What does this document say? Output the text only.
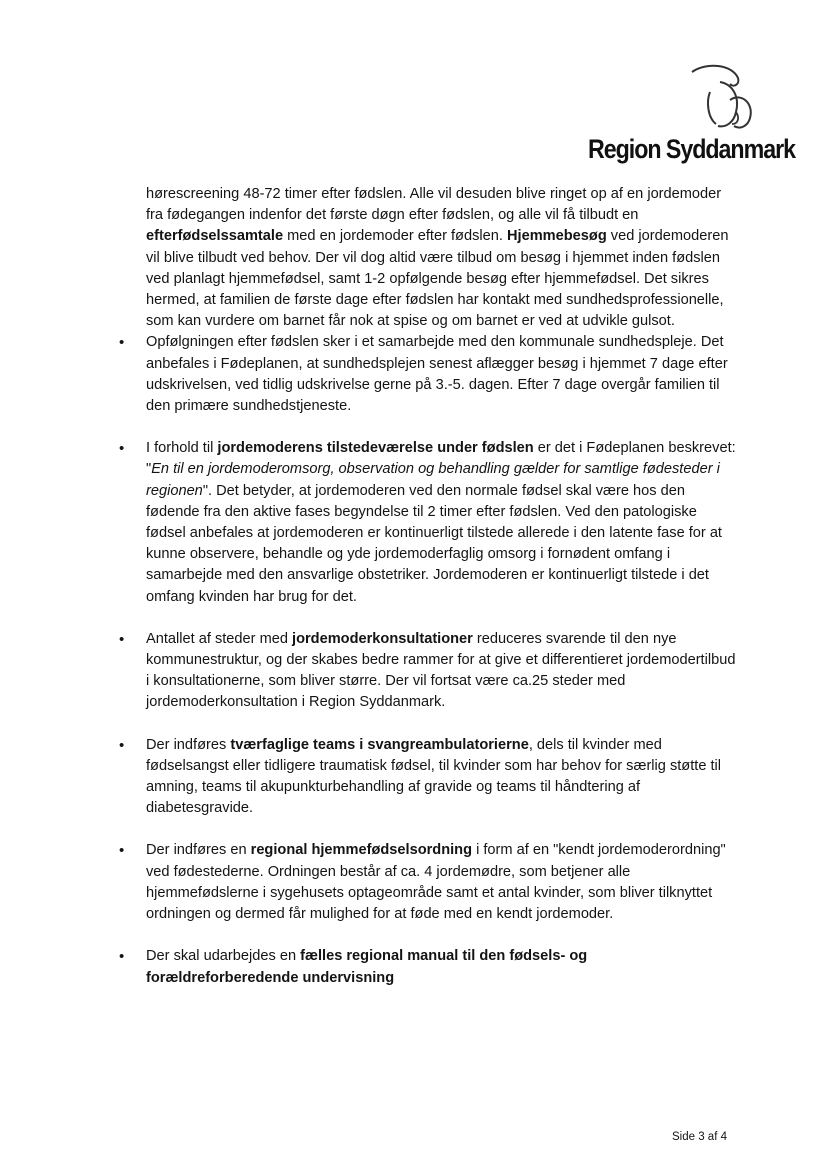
Region Syddanmark

hørescreening 48-72 timer efter fødslen. Alle vil desuden blive ringet op af en jordemoder fra fødegangen indenfor det første døgn efter fødslen, og alle vil få tilbudt en efterfødselssamtale med en jordemoder efter fødslen. Hjemmebesøg ved jordemoderen vil blive tilbudt ved behov. Der vil dog altid være tilbud om besøg i hjemmet inden fødslen ved planlagt hjemmefødsel, samt 1-2 opfølgende besøg efter hjemmefødsel. Det sikres hermed, at familien de første dage efter fødslen har kontakt med sundhedsprofessionelle, som kan vurdere om barnet får nok at spise og om barnet er ved at udvikle gulsot.

• Opfølgningen efter fødslen sker i et samarbejde med den kommunale sundhedspleje. Det anbefales i Fødeplanen, at sundhedsplejen senest aflægger besøg i hjemmet 7 dage efter udskrivelsen, ved tidlig udskrivelse gerne på 3.-5. dagen. Efter 7 dage overgår familien til den primære sundhedstjeneste.
• I forhold til jordemoderens tilstedeværelse under fødslen er det i Fødeplanen beskrevet: "En til en jordemoderomsorg, observation og behandling gælder for samtlige fødesteder i regionen". Det betyder, at jordemoderen ved den normale fødsel skal være hos den fødende fra den aktive fases begyndelse til 2 timer efter fødslen. Ved den patologiske fødsel anbefales at jordemoderen er kontinuerligt tilstede allerede i den latente fase for at kunne observere, behandle og yde jordemoderfaglig omsorg i fornødent omfang i samarbejde med den ansvarlige obstetriker. Jordemoderen er kontinuerligt tilstede i det omfang kvinden har brug for det.
• Antallet af steder med jordemoderkonsultationer reduceres svarende til den nye kommunestruktur, og der skabes bedre rammer for at give et differentieret jordemodertilbud i konsultationerne, som bliver større. Der vil fortsat være ca.25 steder med jordemoderkonsultation i Region Syddanmark.
• Der indføres tværfaglige teams i svangreambulatorierne, dels til kvinder med fødselsangst eller tidligere traumatisk fødsel, til kvinder som har behov for særlig støtte til amning, teams til akupunkturbehandling af gravide og teams til håndtering af diabetesgravide.
• Der indføres en regional hjemmefødselsordning i form af en "kendt jordemoderordning" ved fødestederne. Ordningen består af ca. 4 jordemødre, som betjener alle hjemmefødslerne i sygehusets optageområde samt et antal kvinder, som bliver tilknyttet ordningen og dermed får mulighed for at føde med en kendt jordemoder.
• Der skal udarbejdes en fælles regional manual til den fødsels- og forældreforberedende undervisning
Side 3 af 4
